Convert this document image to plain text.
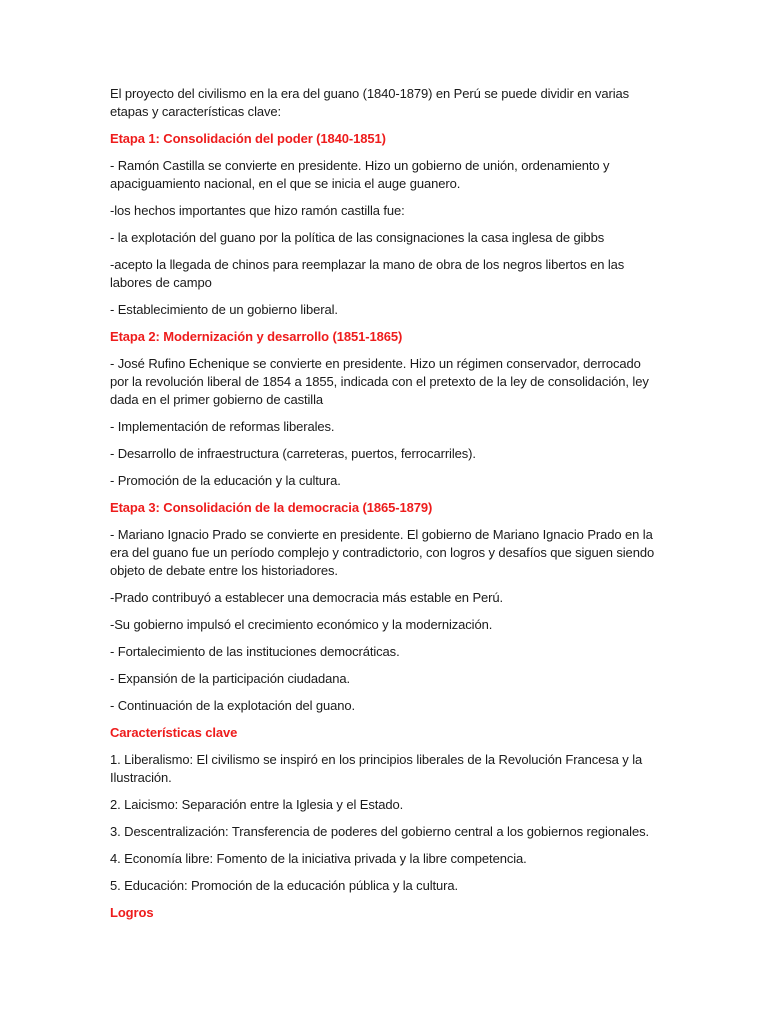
El proyecto del civilismo en la era del guano (1840-1879) en Perú se puede dividir en varias etapas y características clave:

Etapa 1: Consolidación del poder (1840-1851)

- Ramón Castilla se convierte en presidente. Hizo un gobierno de unión, ordenamiento y apaciguamiento nacional, en el que se inicia el auge guanero.

-los hechos importantes que hizo ramón castilla fue:

- la explotación del guano por la política de las consignaciones la casa inglesa de gibbs

-acepto la llegada de chinos para reemplazar la mano de obra de los negros libertos en las labores de campo

- Establecimiento de un gobierno liberal.

Etapa 2: Modernización y desarrollo (1851-1865)

- José Rufino Echenique se convierte en presidente. Hizo un régimen conservador, derrocado por la revolución liberal de 1854 a 1855, indicada con el pretexto de la ley de consolidación, ley dada en el primer gobierno de castilla

- Implementación de reformas liberales.

- Desarrollo de infraestructura (carreteras, puertos, ferrocarriles).

- Promoción de la educación y la cultura.

Etapa 3: Consolidación de la democracia (1865-1879)

- Mariano Ignacio Prado se convierte en presidente. El gobierno de Mariano Ignacio Prado en la era del guano fue un período complejo y contradictorio, con logros y desafíos que siguen siendo objeto de debate entre los historiadores.

-Prado contribuyó a establecer una democracia más estable en Perú.

-Su gobierno impulsó el crecimiento económico y la modernización.

- Fortalecimiento de las instituciones democráticas.

- Expansión de la participación ciudadana.

- Continuación de la explotación del guano.

Características clave

1. Liberalismo: El civilismo se inspiró en los principios liberales de la Revolución Francesa y la Ilustración.

2. Laicismo: Separación entre la Iglesia y el Estado.

3. Descentralización: Transferencia de poderes del gobierno central a los gobiernos regionales.

4. Economía libre: Fomento de la iniciativa privada y la libre competencia.

5. Educación: Promoción de la educación pública y la cultura.

Logros
